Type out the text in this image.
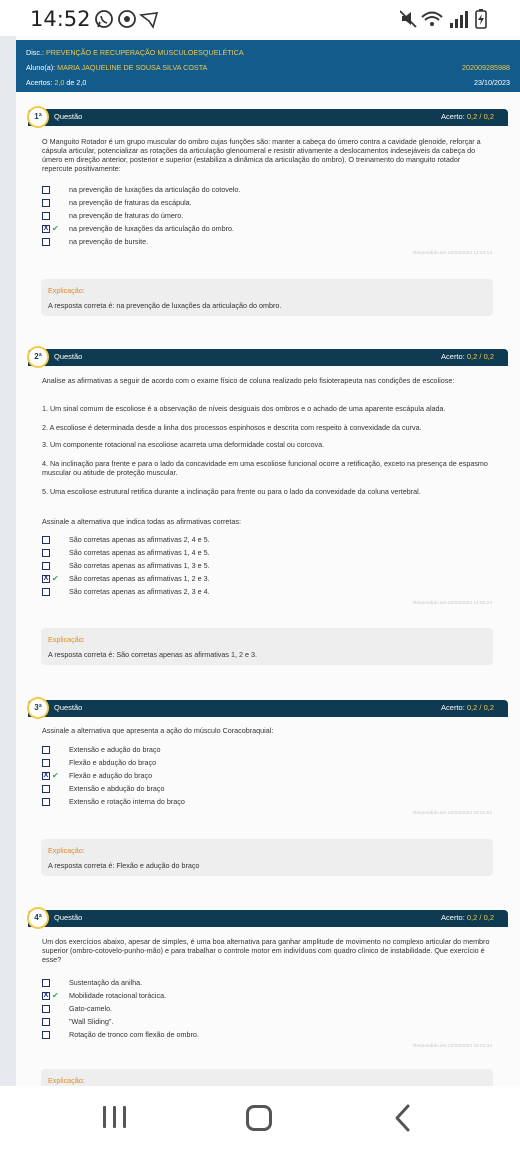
14:52
Disc.: PREVENÇÃO E RECUPERAÇÃO MUSCULOESQUELÉTICA
Aluno(a): MARIA JAQUELINE DE SOUSA SILVA COSTA	202009285988
Acertos: 2,0 de 2,0	23/10/2023
1ª	Questão	Acerto: 0,2 / 0,2
O Manguito Rotador é um grupo muscular do ombro cujas funções são: manter a cabeça do úmero contra a cavidade glenoide, reforçar a cápsula articular, potencializar as rotações da articulação glenoumeral e resistir ativamente a deslocamentos indesejáveis da cabeça do úmero em direção anterior, posterior e superior (estabiliza a dinâmica da articulação do ombro). O treinamento do manguito rotador repercute positivamente:
na prevenção de luxações da articulação do cotovelo.
na prevenção de fraturas da escápula.
na prevenção de fraturas do úmero.
X ✔ na prevenção de luxações da articulação do ombro.
na prevenção de bursite.
Respondido em 23/10/2023 14:54:14
Explicação:
A resposta correta é: na prevenção de luxações da articulação do ombro.
2ª	Questão	Acerto: 0,2 / 0,2
Analise as afirmativas a seguir de acordo com o exame físico de coluna realizado pelo fisioterapeuta nas condições de escoliose:
1. Um sinal comum de escoliose é a observação de níveis desiguais dos ombros e o achado de uma aparente escápula alada.
2. A escoliose é determinada desde a linha dos processos espinhosos e descrita com respeito à convexidade da curva.
3. Um componente rotacional na escoliose acarreta uma deformidade costal ou corcova.
4. Na inclinação para frente e para o lado da concavidade em uma escoliose funcional ocorre a retificação, exceto na presença de espasmo muscular ou atitude de proteção muscular.
5. Uma escoliose estrutural retifica durante a inclinação para frente ou para o lado da convexidade da coluna vertebral.
Assinale a alternativa que indica todas as afirmativas corretas:
São corretas apenas as afirmativas 2, 4 e 5.
São corretas apenas as afirmativas 1, 4 e 5.
São corretas apenas as afirmativas 1, 3 e 5.
X ✔ São corretas apenas as afirmativas 1, 2 e 3.
São corretas apenas as afirmativas 2, 3 e 4.
Respondido em 23/10/2023 14:59:23
Explicação:
A resposta correta é: São corretas apenas as afirmativas 1, 2 e 3.
3ª	Questão	Acerto: 0,2 / 0,2
Assinale a alternativa que apresenta a ação do músculo Coracobraquial:
Extensão e adução do braço
Flexão e abdução do braço
X ✔ Flexão e adução do braço
Extensão e abdução do braço
Extensão e rotação interna do braço
Respondido em 23/10/2023 15:01:52
Explicação:
A resposta correta é: Flexão e adução do braço
4ª	Questão	Acerto: 0,2 / 0,2
Um dos exercícios abaixo, apesar de simples, é uma boa alternativa para ganhar amplitude de movimento no complexo articular do membro superior (ombro-cotovelo-punho-mão) e para trabalhar o controle motor em indivíduos com quadro clínico de instabilidade. Que exercício é esse?
Sustentação da anilha.
X ✔ Mobilidade rotacional torácica.
Gato-camelo.
"Wall Sliding".
Rotação de tronco com flexão de ombro.
Respondido em 23/10/2023 15:04:32
Explicação:
